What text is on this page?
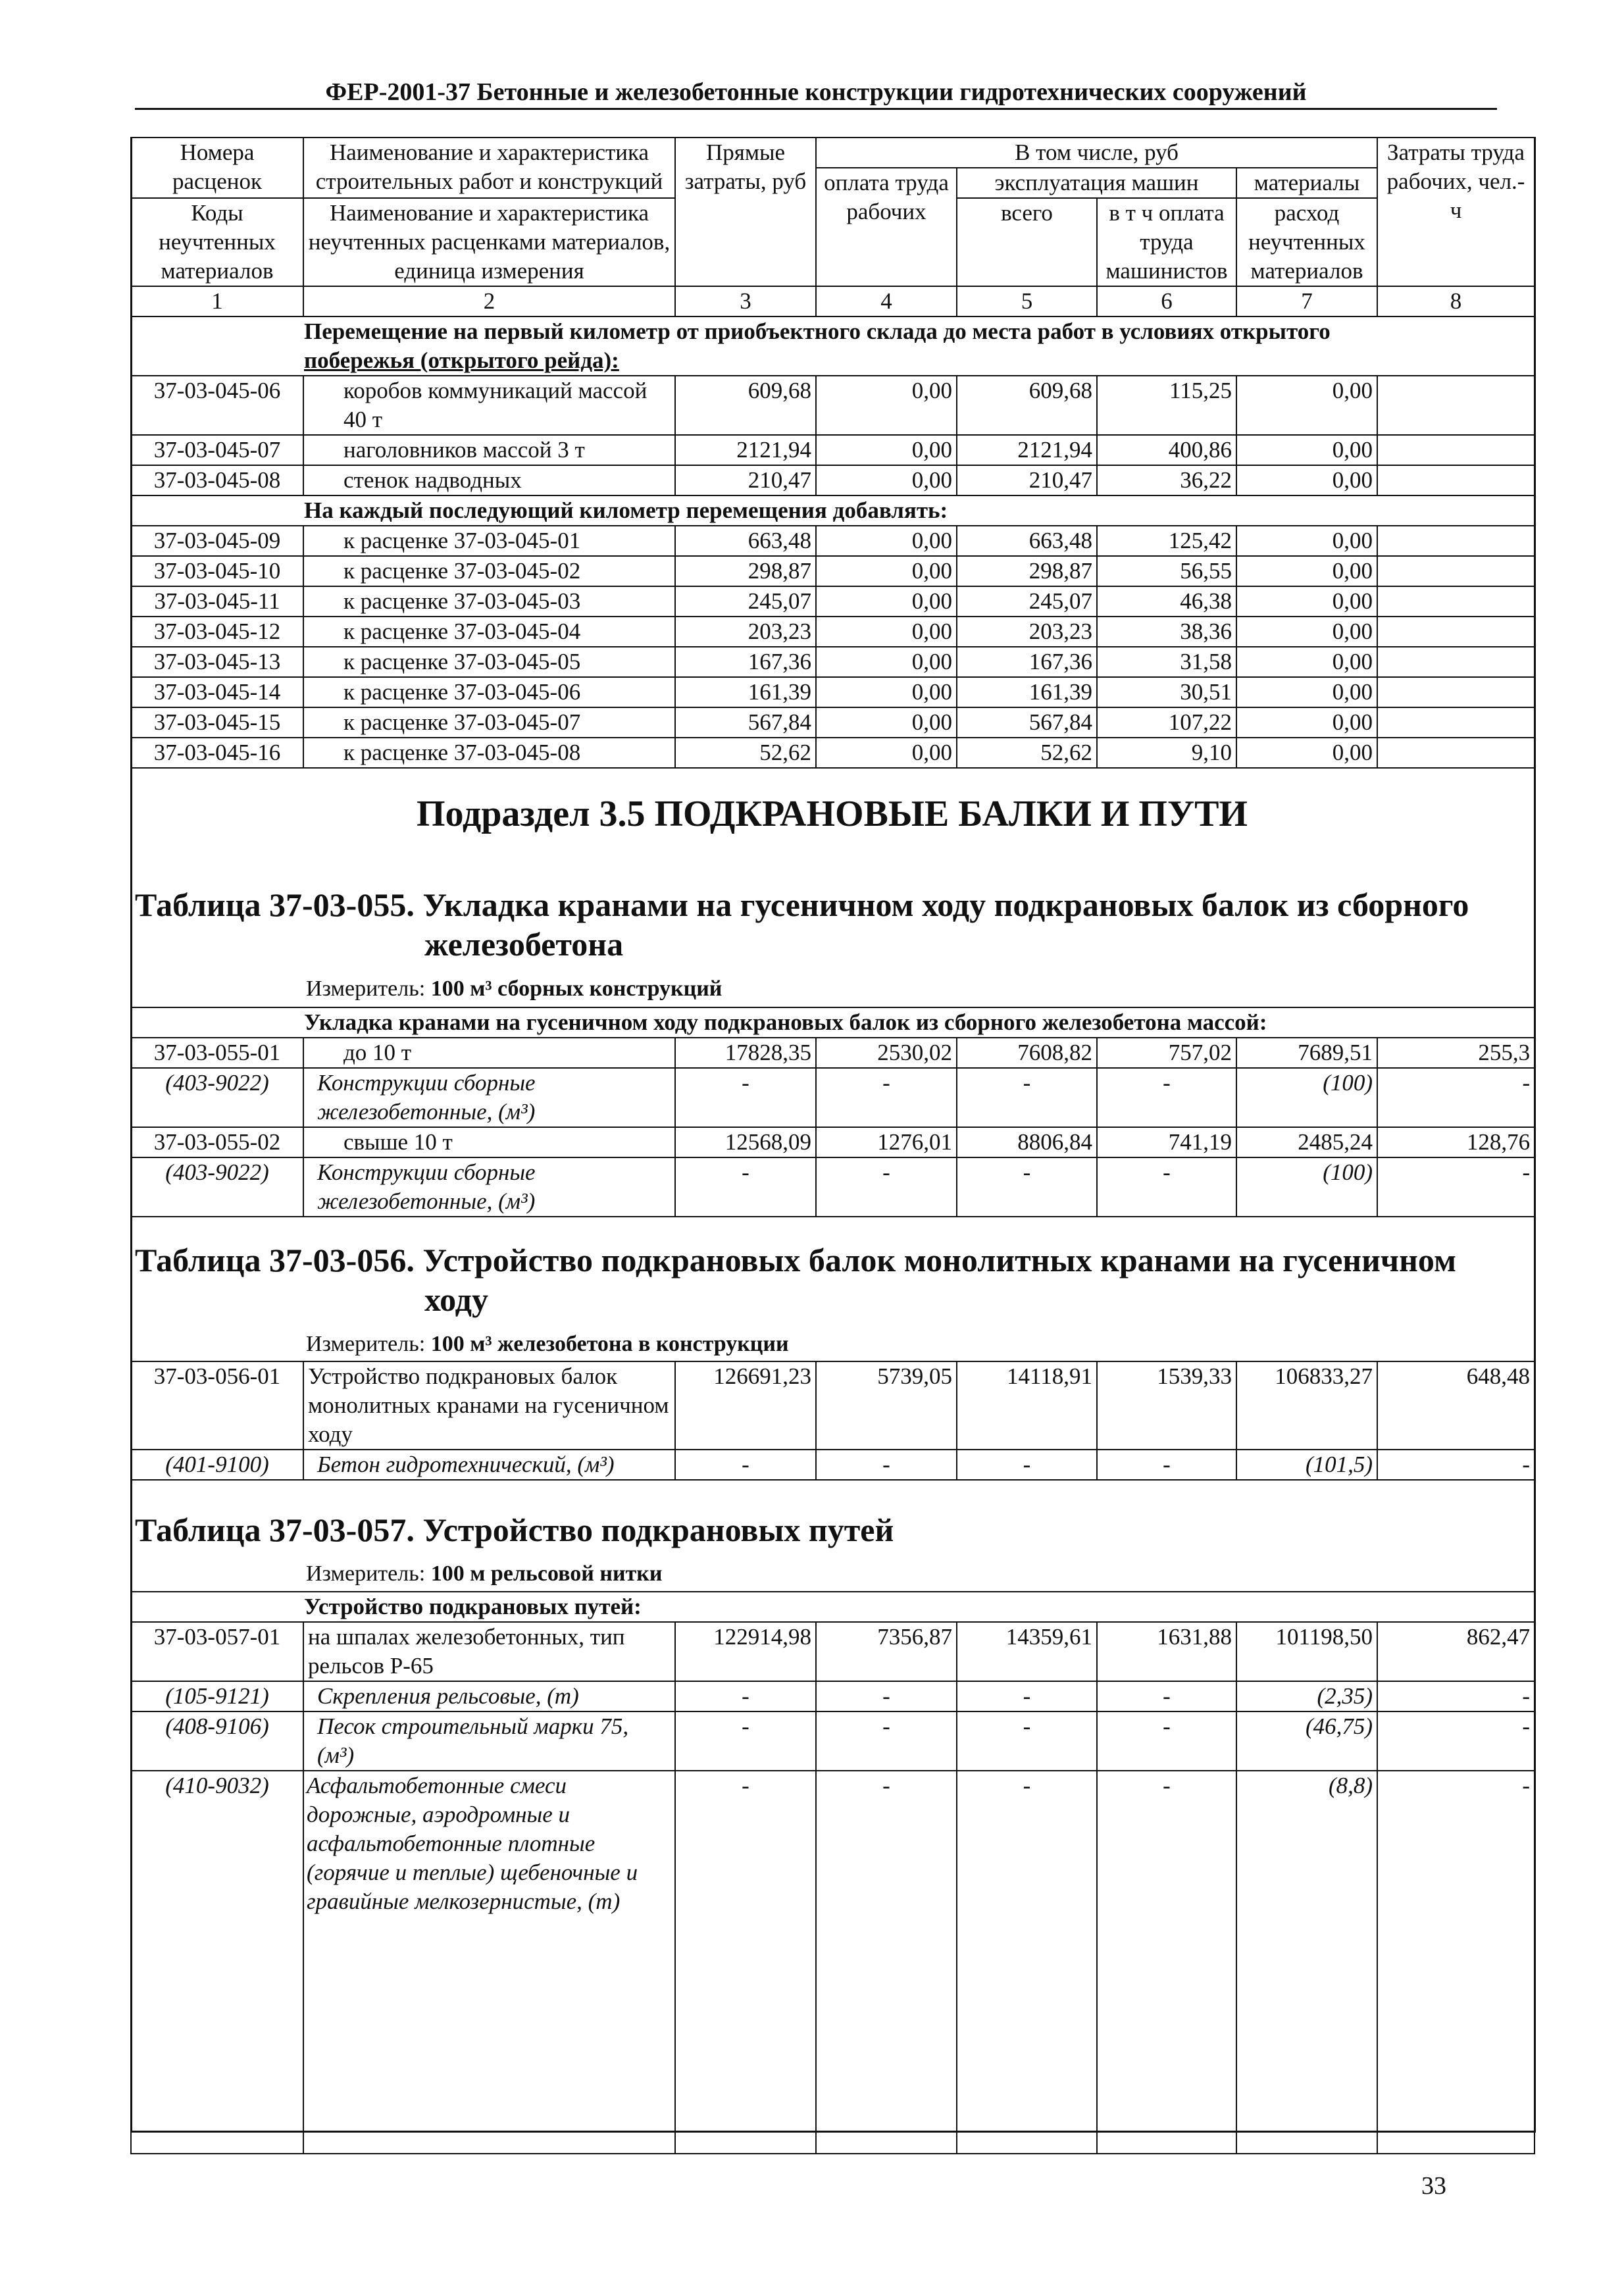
ФЕР-2001-37 Бетонные и железобетонные конструкции гидротехнических сооружений
Номера расценок	Наименование и характеристика строительных работ и конструкций	Прямые затраты, руб	В том числе, руб				Затраты труда рабочих, чел.-ч
			оплата труда рабочих	эксплуатация машин		материалы	
Коды неучтенных материалов	Наименование и характеристика неучтенных расценками материалов, единица измерения			всего	в т ч оплата труда машинистов	расход неучтенных материалов	

1	2	3	4	5	6	7	8
Перемещение на первый километр от приобъектного склада до места работ в условиях открытого
побережья (открытого рейда):							
37-03-045-06	коробов коммуникаций массой 40 т	609,68	0,00	609,68	115,25	0,00	
37-03-045-07	наголовников массой 3 т	2121,94	0,00	2121,94	400,86	0,00	
37-03-045-08	стенок надводных	210,47	0,00	210,47	36,22	0,00	
На каждый последующий километр перемещения добавлять:							
37-03-045-09	к расценке 37-03-045-01	663,48	0,00	663,48	125,42	0,00	
37-03-045-10	к расценке 37-03-045-02	298,87	0,00	298,87	56,55	0,00	
37-03-045-11	к расценке 37-03-045-03	245,07	0,00	245,07	46,38	0,00	
37-03-045-12	к расценке 37-03-045-04	203,23	0,00	203,23	38,36	0,00	
37-03-045-13	к расценке 37-03-045-05	167,36	0,00	167,36	31,58	0,00	
37-03-045-14	к расценке 37-03-045-06	161,39	0,00	161,39	30,51	0,00	
37-03-045-15	к расценке 37-03-045-07	567,84	0,00	567,84	107,22	0,00	
37-03-045-16	к расценке 37-03-045-08	52,62	0,00	52,62	9,10	0,00	
Подраздел 3.5 ПОДКРАНОВЫЕ БАЛКИ И ПУТИ
Таблица 37-03-055. Укладка кранами на гусеничном ходу подкрановых балок из сборного
железобетона
Измеритель: 100 м³ сборных конструкций
Укладка кранами на гусеничном ходу подкрановых балок из сборного железобетона массой:							
37-03-055-01	до 10 т	17828,35	2530,02	7608,82	757,02	7689,51	255,3
(403-9022)	Конструкции сборные железобетонные, (м³)	-	-	-	-	(100)	-
37-03-055-02	свыше 10 т	12568,09	1276,01	8806,84	741,19	2485,24	128,76
(403-9022)	Конструкции сборные железобетонные, (м³)	-	-	-	-	(100)	-
Таблица 37-03-056. Устройство подкрановых балок монолитных кранами на гусеничном
ходу
Измеритель: 100 м³ железобетона в конструкции
37-03-056-01	Устройство подкрановых балок монолитных кранами на гусеничном ходу	126691,23	5739,05	14118,91	1539,33	106833,27	648,48
(401-9100)	Бетон гидротехнический, (м³)	-	-	-	-	(101,5)	-
Таблица 37-03-057. Устройство подкрановых путей
Измеритель: 100 м рельсовой нитки
Устройство подкрановых путей:							
37-03-057-01	на шпалах железобетонных, тип рельсов Р-65	122914,98	7356,87	14359,61	1631,88	101198,50	862,47
(105-9121)	Скрепления рельсовые, (т)	-	-	-	-	(2,35)	-
(408-9106)	Песок строительный марки 75, (м³)	-	-	-	-	(46,75)	-
(410-9032)	Асфальтобетонные смеси дорожные, аэродромные и асфальтобетонные плотные (горячие и теплые) щебеночные и гравийные мелкозернистые, (т)	-	-	-	-	(8,8)	-
33
